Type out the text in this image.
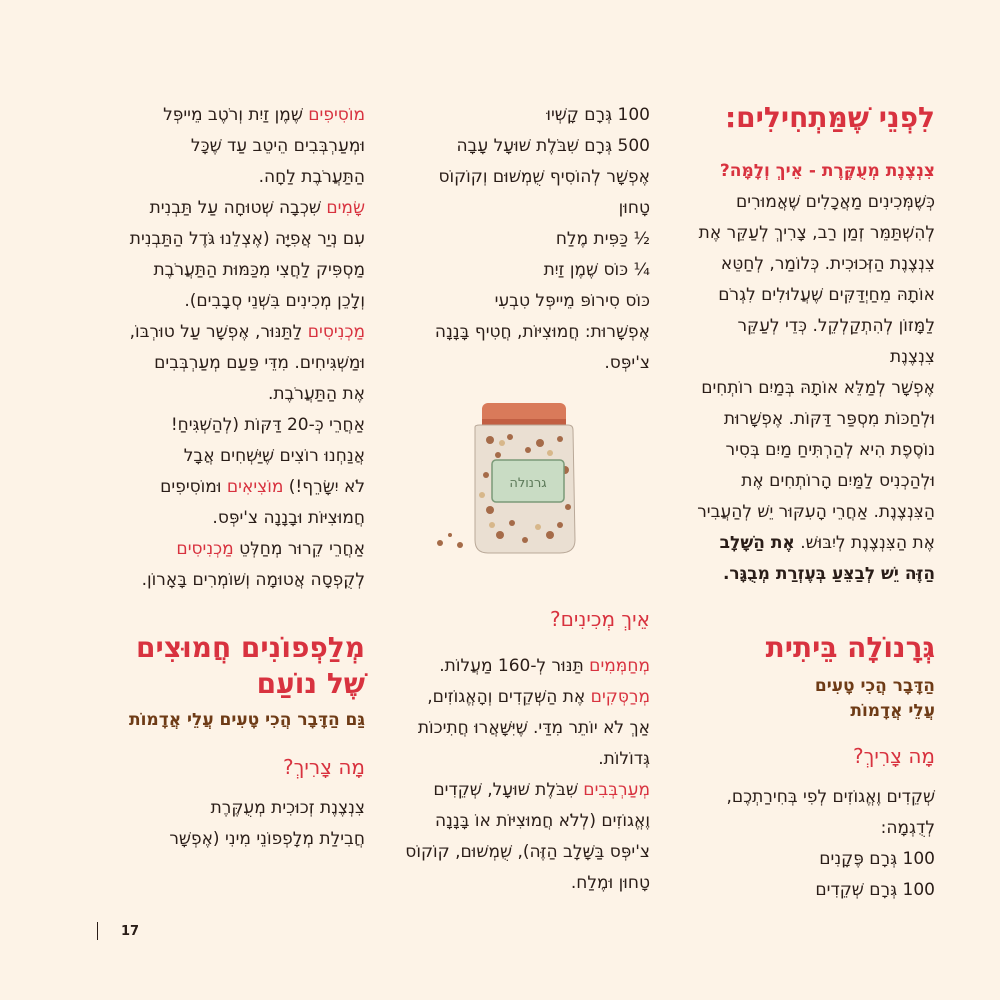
לִפְנֵי שֶׁמַּתְחִילִים:

צִנְצֶנֶת מְעֻקֶּרֶת - אֵיךְ וְלָמָּה?

כְּשֶׁמְּכִינִים מַאֲכָלִים שֶׁאֲמוּרִים

לְהִשְׁתַּמֵּר זְמַן רַב, צָרִיךְ לְעַקֵּר אֶת

צִנְצֶנֶת הַזְּכוּכִית. כְּלוֹמַר, לְחַטֵּא

אוֹתָהּ מֵחַיְדַּקִּים שֶׁעֲלוּלִים לִגְרֹם

לַמָּזוֹן לְהִתְקַלְקֵל. כְּדֵי לְעַקֵּר צִנְצֶנֶת

אֶפְשָׁר לְמַלֵּא אוֹתָהּ בְּמַיִם רוֹתְחִים

וּלְחַכּוֹת מִסְפַּר דַּקּוֹת. אֶפְשָׁרוּת

נוֹסֶפֶת הִיא לְהַרְתִּיחַ מַיִם בְּסִיר

וּלְהַכְנִיס לַמַּיִם הָרוֹתְחִים אֶת

הַצִּנְצֶנֶת. אַחֲרֵי הָעִקּוּר יֵשׁ לְהַעֲבִיר

אֶת הַצִּנְצֶנֶת לְיִבּוּשׁ. אֶת הַשָּׁלָב

הַזֶּה יֵשׁ לְבַצֵּעַ בְּעֶזְרַת מְבֻגָּר.

גְּרָנוֹלָה בֵּיתִית

הַדָּבָר הֲכִי טָעִים

עֲלֵי אֲדָמוֹת

מָה צָרִיךְ?

שְׁקֵדִים וֶאֱגוֹזִים לְפִי בְּחִירַתְכֶם,

לְדֻגְמָה:

100 גְּרָם פֶּקָנִים

100 גְּרָם שְׁקֵדִים

100 גְּרָם קָשְׁיוּ

500 גְּרָם שִׁבֹּלֶת שׁוּעָל עָבָה

אֶפְשָׁר לְהוֹסִיף שֻׁמְשׁוּם וְקוֹקוֹס

טָחוּן

½ כַּפִּית מֶלַח

¼ כּוֹס שֶׁמֶן זַיִת

כּוֹס סִירוֹפּ מֵייפְּל טִבְעִי

אֶפְשָׁרוּת: חֲמוּצִיּוֹת, חֲטִיף בָּנָנָה

צ'יפְּס.

גרנולה

אֵיךְ מְכִינִים?

מְחַמְּמִים תַּנּוּר לְ-160 מַעֲלוֹת.

מְרַסְּקִים אֶת הַשְּׁקֵדִים וְהָאֱגוֹזִים,

אַךְ לֹא יוֹתֵר מִדַּי. שֶׁיִּשָּׁאֲרוּ חֲתִיכוֹת

גְּדוֹלוֹת.

מְעַרְבְּבִים שִׁבֹּלֶת שׁוּעָל, שְׁקֵדִים

וֶאֱגוֹזִים (לְלֹא חֲמוּצִיּוֹת אוֹ בָּנָנָה

צ'יפְּס בַּשָּׁלָב הַזֶּה), שֻׁמְשׁוּם, קוֹקוֹס

טָחוּן וּמֶלַח.

מוֹסִיפִים שֶׁמֶן זַיִת וְרֹטֶב מֵייפְּל

וּמְעַרְבְּבִים הֵיטֵב עַד שֶׁכָּל

הַתַּעֲרֹבֶת לַחָה.

שָׂמִים שִׁכְבָה שְׁטוּחָה עַל תַּבְנִית

עִם נְיַר אֲפִיָּה (אֶצְלֵנוּ גֹּדֶל הַתַּבְנִית

מַסְפִּיק לַחֲצִי מִכַּמּוּת הַתַּעֲרֹבֶת

וְלָכֵן מְכִינִים בִּשְׁנֵי סְבָבִים).

מַכְנִיסִים לַתַּנּוּר, אֶפְשָׁר עַל טוּרְבּוֹ,

וּמַשְׁגִּיחִים. מִדֵּי פַּעַם מְעַרְבְּבִים

אֶת הַתַּעֲרֹבֶת.

אַחֲרֵי כְּ-20 דַּקּוֹת (לְהַשְׁגִּיחַ!

אֲנַחְנוּ רוֹצִים שֶׁיַּשְׁחִים אֲבָל

לֹא יִשָּׂרֵף!) מוֹצִיאִים וּמוֹסִיפִים

חֲמוּצִיּוֹת וּבָנָנָה צ'יפְּס.

אַחֲרֵי קֵרוּר מְחַלְּטֵ מַכְנִיסִים

לְקֻפְסָה אֲטוּמָה וְשׁוֹמְרִים בָּאָרוֹן.

מְלַפְפוֹנִים חֲמוּצִים

שֶׁל נוֹעַם

גַּם הַדָּבָר הֲכִי טָעִים עֲלֵי אֲדָמוֹת

מָה צָרִיךְ?

צִנְצֶנֶת זְכוּכִית מְעֻקֶּרֶת

חֲבִילַת מְלָפְפוֹנֵי מִינִי (אֶפְשָׁר

17
